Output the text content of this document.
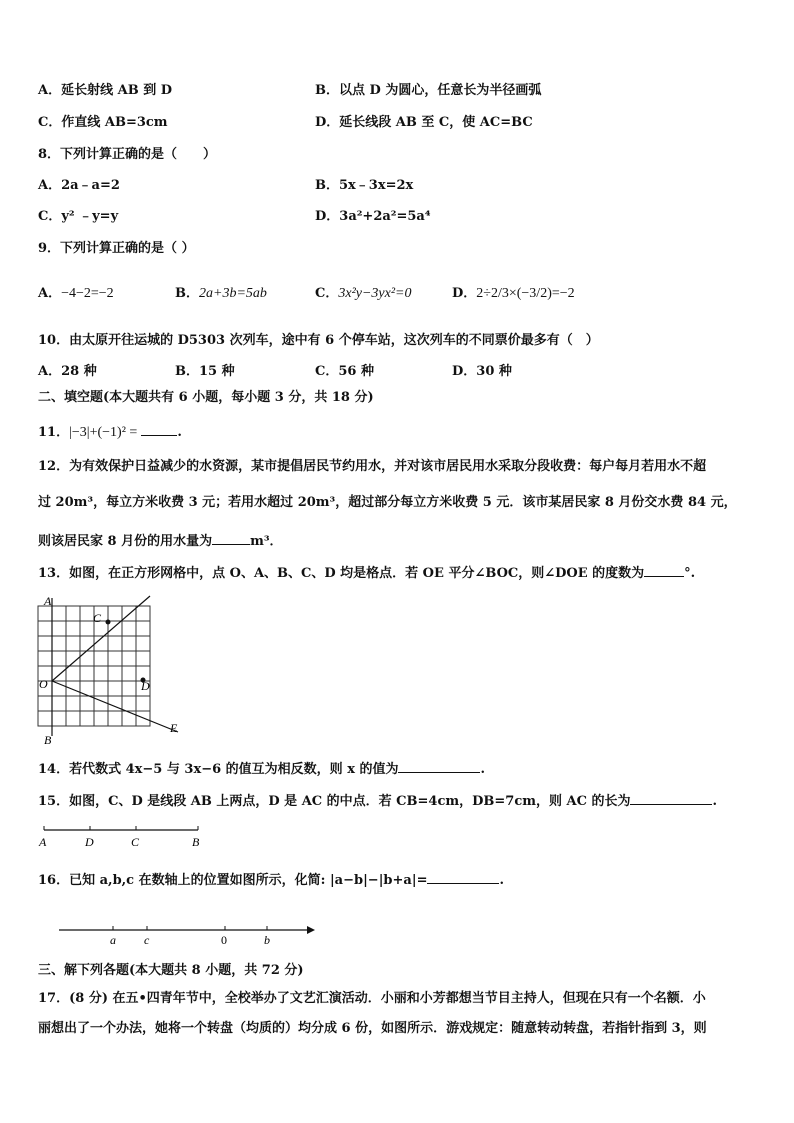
A．延长射线 AB 到 D	B．以点 D 为圆心，任意长为半径画弧
C．作直线 AB=3cm	D．延长线段 AB 至 C，使 AC=BC
8．下列计算正确的是（　　）
A．2a﹣a=2	B．5x﹣3x=2x
C．y² ﹣y=y	D．3a²+2a²=5a⁴
9．下列计算正确的是（ ）
A．−4−2=−2	B．2a+3b=5ab	C．3x²y−3yx²=0	D．2÷2/3×(−3/2)=−2
10．由太原开往运城的 D5303 次列车，途中有 6 个停车站，这次列车的不同票价最多有（　）
A．28 种	B．15 种	C．56 种	D．30 种
二、填空题(本大题共有 6 小题，每小题 3 分，共 18 分)
11．|−3|+(−1)² =	.
12．为有效保护日益减少的水资源，某市提倡居民节约用水，并对该市居民用水采取分段收费：每户每月若用水不超
过 20m³，每立方米收费 3 元；若用水超过 20m³，超过部分每立方米收费 5 元．该市某居民家 8 月份交水费 84 元，
则该居民家 8 月份的用水量为	m³．
13．如图，在正方形网格中，点 O、A、B、C、D 均是格点．若 OE 平分∠BOC，则∠DOE 的度数为	°.
A
C
O	D
E
B
14．若代数式 4x−5 与 3x−6 的值互为相反数，则 x 的值为	.
15．如图，C、D 是线段 AB 上两点，D 是 AC 的中点．若 CB=4cm，DB=7cm，则 AC 的长为	.
A	D	C	B
16．已知 a,b,c 在数轴上的位置如图所示，化简: |a−b|−|b+a|=	.
a c	0	b
三、解下列各题(本大题共 8 小题，共 72 分)
17．(8 分) 在五•四青年节中，全校举办了文艺汇演活动．小丽和小芳都想当节目主持人，但现在只有一个名额．小
丽想出了一个办法，她将一个转盘（均质的）均分成 6 份，如图所示．游戏规定：随意转动转盘，若指针指到 3，则
